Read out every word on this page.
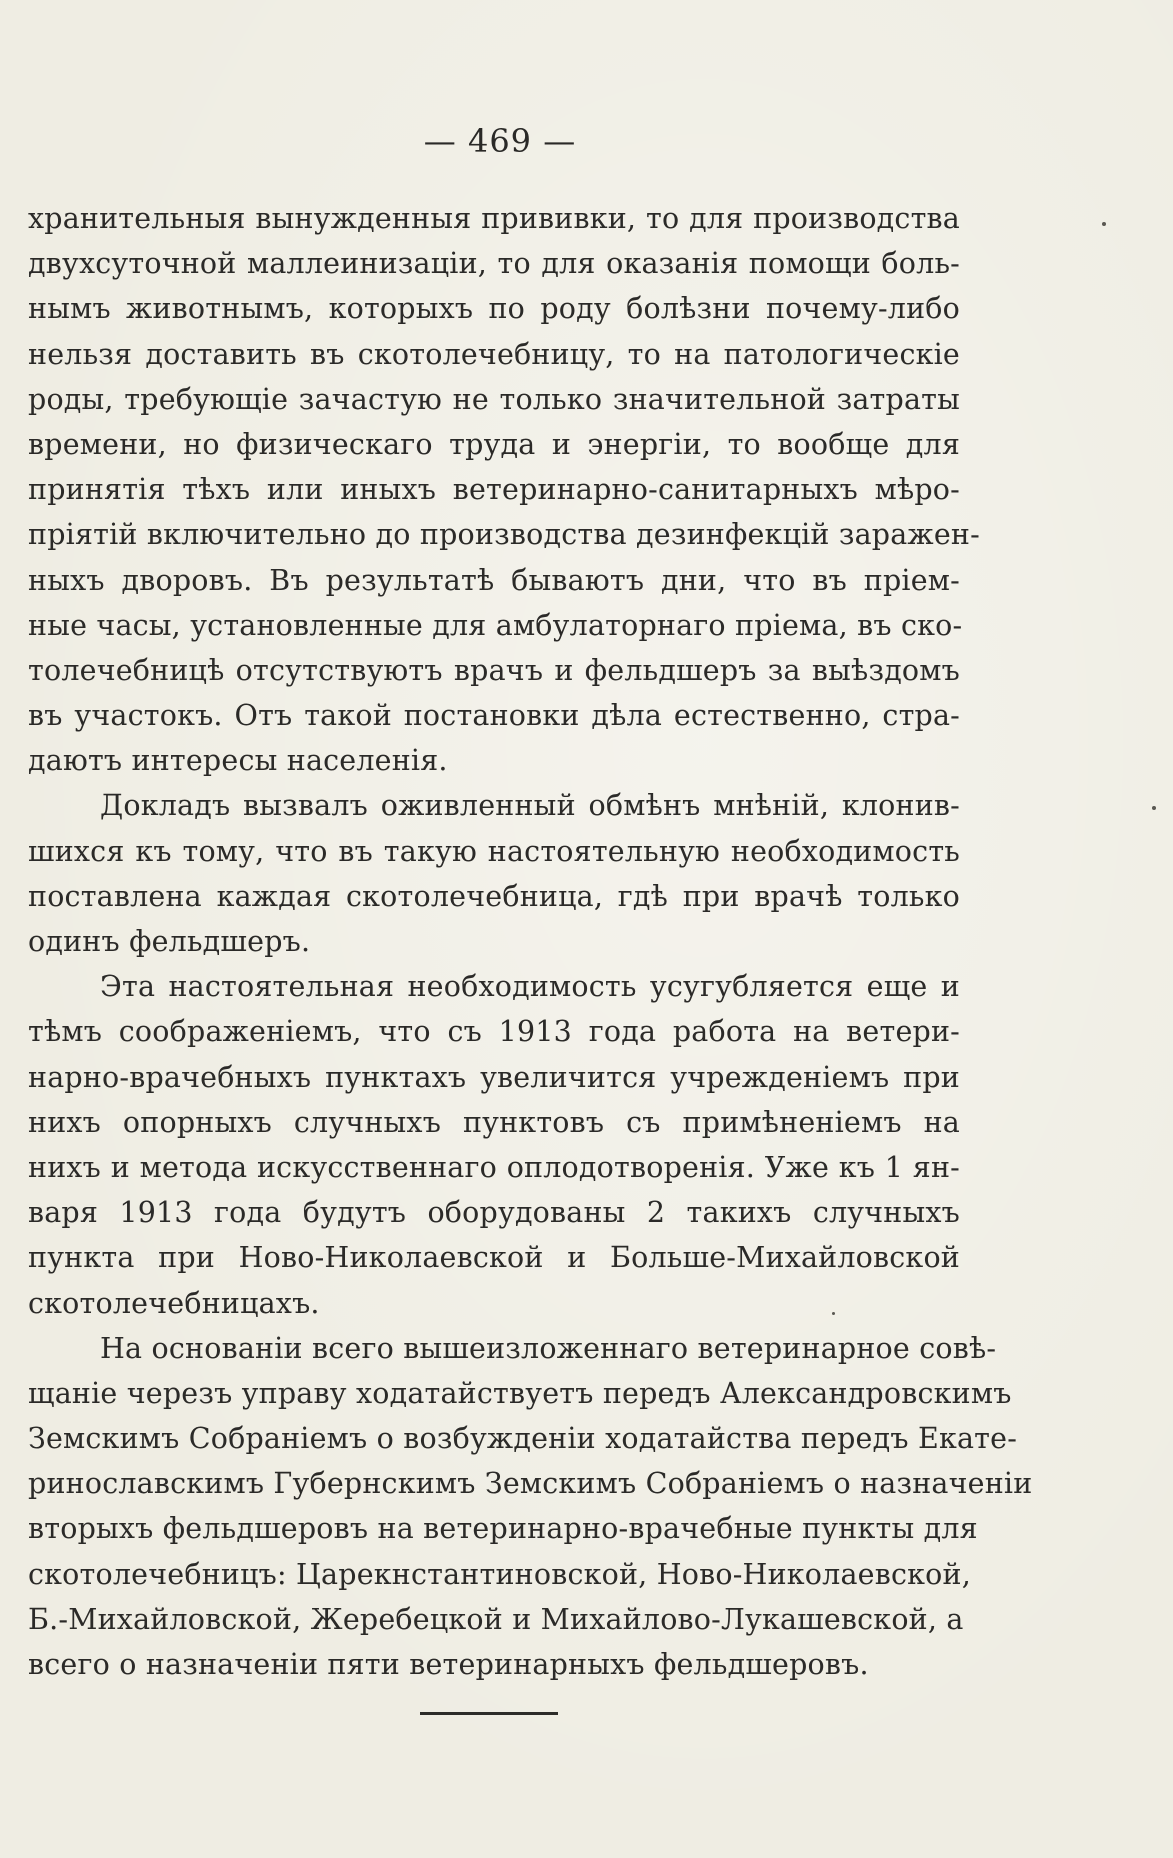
— 469 —
хранительныя вынужденныя прививки, то для производства
двухсуточной маллеинизаціи, то для оказанія помощи боль-
нымъ животнымъ, которыхъ по роду болѣзни почему-либо
нельзя доставить въ скотолечебницу, то на патологическіе
роды, требующіе зачастую не только значительной затраты
времени, но физическаго труда и энергіи, то вообще для
принятія тѣхъ или иныхъ ветеринарно-санитарныхъ мѣро-
пріятій включительно до производства дезинфекцій заражен-
ныхъ дворовъ. Въ результатѣ бываютъ дни, что въ пріем-
ные часы, установленные для амбулаторнаго пріема, въ ско-
толечебницѣ отсутствуютъ врачъ и фельдшеръ за выѣздомъ
въ участокъ. Отъ такой постановки дѣла естественно, стра-
даютъ интересы населенія.
Докладъ вызвалъ оживленный обмѣнъ мнѣній, клонив-
шихся къ тому, что въ такую настоятельную необходимость
поставлена каждая скотолечебница, гдѣ при врачѣ только
одинъ фельдшеръ.
Эта настоятельная необходимость усугубляется еще и
тѣмъ соображеніемъ, что съ 1913 года работа на ветери-
нарно-врачебныхъ пунктахъ увеличится учрежденіемъ при
нихъ опорныхъ случныхъ пунктовъ съ примѣненіемъ на
нихъ и метода искусственнаго оплодотворенія. Уже къ 1 ян-
варя 1913 года будутъ оборудованы 2 такихъ случныхъ
пункта при Ново-Николаевской и Больше-Михайловской
скотолечебницахъ.
На основаніи всего вышеизложеннаго ветеринарное совѣ-
щаніе черезъ управу ходатайствуетъ передъ Александровскимъ
Земскимъ Собраніемъ о возбужденіи ходатайства передъ Екате-
ринославскимъ Губернскимъ Земскимъ Собраніемъ о назначеніи
вторыхъ фельдшеровъ на ветеринарно-врачебные пункты для
скотолечебницъ: Царекнстантиновской, Ново-Николаевской,
Б.-Михайловской, Жеребецкой и Михайлово-Лукашевской, а
всего о назначеніи пяти ветеринарныхъ фельдшеровъ.
